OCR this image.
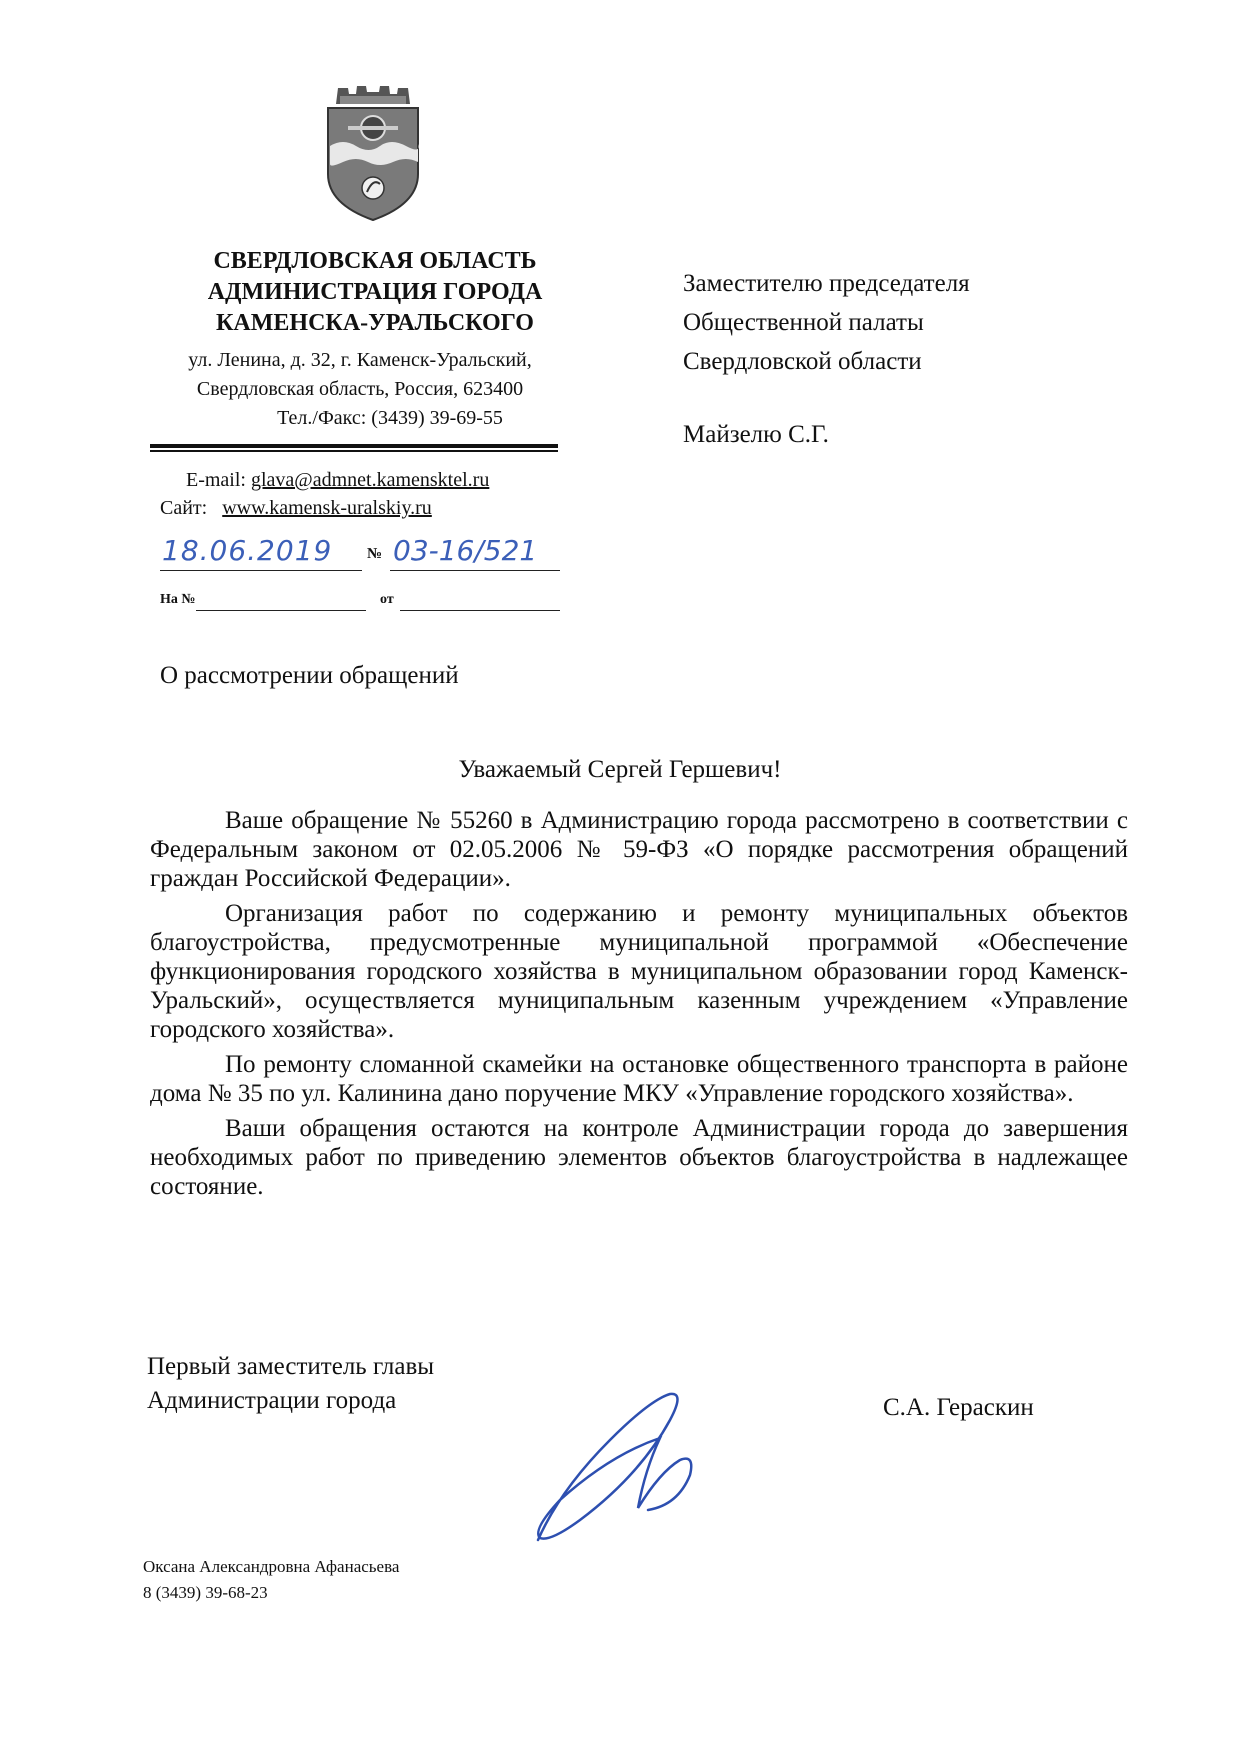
СВЕРДЛОВСКАЯ ОБЛАСТЬ
АДМИНИСТРАЦИЯ ГОРОДА
КАМЕНСКА-УРАЛЬСКОГО
ул. Ленина, д. 32, г. Каменск-Уральский,
Свердловская область, Россия, 623400
Тел./Факс: (3439) 39-69-55
E-mail: glava@admnet.kamensktel.ru
Сайт: www.kamensk-uralskiy.ru
18.06.2019 № 03-16/521
На №	от
Заместителю председателя
Общественной палаты
Свердловской области
Майзелю С.Г.
О рассмотрении обращений
Уважаемый Сергей Гершевич!

Ваше обращение № 55260 в Администрацию города рассмотрено в соответствии с Федеральным законом от 02.05.2006 № 59-ФЗ «О порядке рассмотрения обращений граждан Российской Федерации».

Организация работ по содержанию и ремонту муниципальных объектов благоустройства, предусмотренные муниципальной программой «Обеспечение функционирования городского хозяйства в муниципальном образовании город Каменск-Уральский», осуществляется муниципальным казенным учреждением «Управление городского хозяйства».

По ремонту сломанной скамейки на остановке общественного транспорта в районе дома № 35 по ул. Калинина дано поручение МКУ «Управление городского хозяйства».

Ваши обращения остаются на контроле Администрации города до завершения необходимых работ по приведению элементов объектов благоустройства в надлежащее состояние.

Первый заместитель главы
Администрации города	С.А. Гераскин
Оксана Александровна Афанасьева
8 (3439) 39-68-23
